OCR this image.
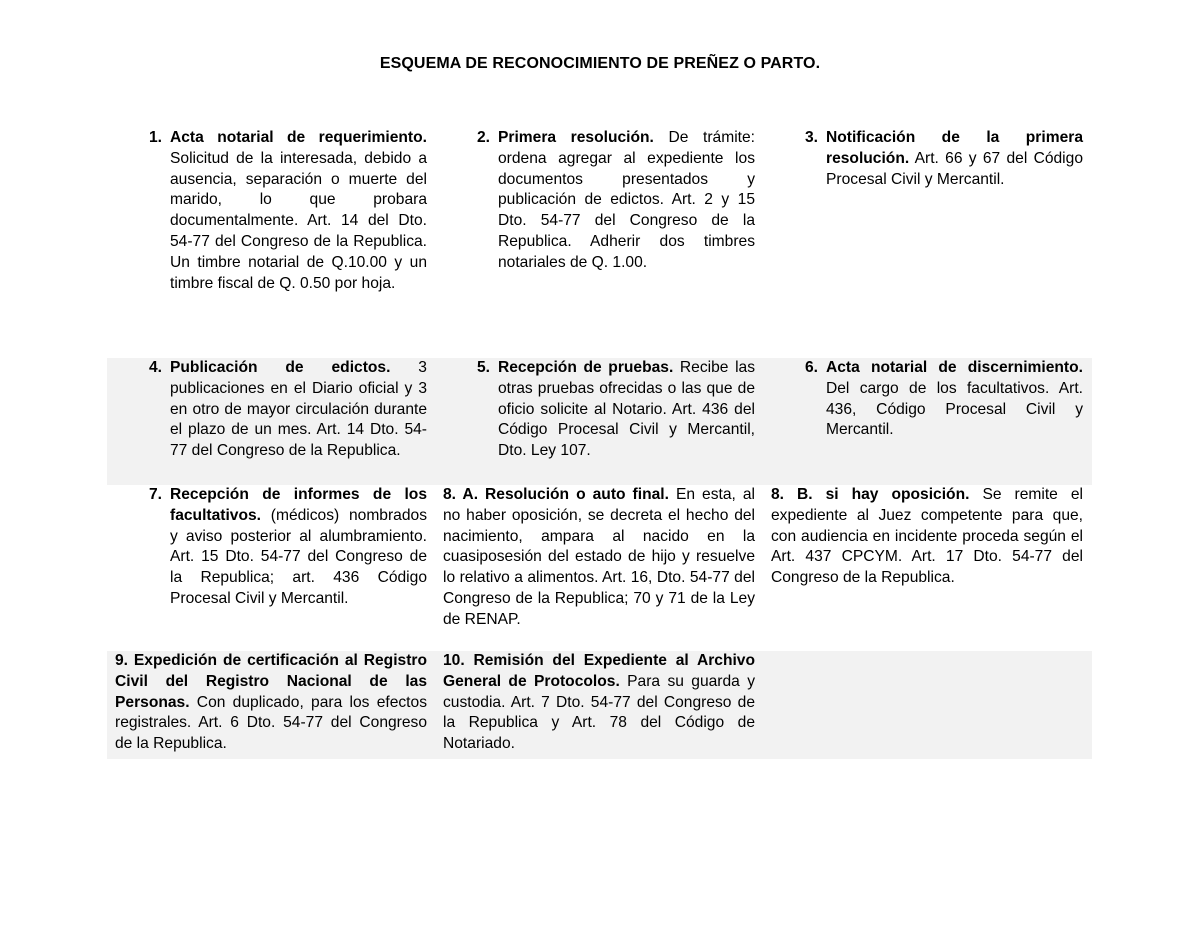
ESQUEMA DE RECONOCIMIENTO DE PREÑEZ O PARTO.
1. Acta notarial de requerimiento. Solicitud de la interesada, debido a ausencia, separación o muerte del marido, lo que probara documentalmente. Art. 14 del Dto. 54-77 del Congreso de la Republica. Un timbre notarial de Q.10.00 y un timbre fiscal de Q. 0.50 por hoja.
2. Primera resolución. De trámite: ordena agregar al expediente los documentos presentados y publicación de edictos. Art. 2 y 15 Dto. 54-77 del Congreso de la Republica. Adherir dos timbres notariales de Q. 1.00.
3. Notificación de la primera resolución. Art. 66 y 67 del Código Procesal Civil y Mercantil.
4. Publicación de edictos. 3 publicaciones en el Diario oficial y 3 en otro de mayor circulación durante el plazo de un mes. Art. 14 Dto. 54-77 del Congreso de la Republica.
5. Recepción de pruebas. Recibe las otras pruebas ofrecidas o las que de oficio solicite al Notario. Art. 436 del Código Procesal Civil y Mercantil, Dto. Ley 107.
6. Acta notarial de discernimiento. Del cargo de los facultativos. Art. 436, Código Procesal Civil y Mercantil.
7. Recepción de informes de los facultativos. (médicos) nombrados y aviso posterior al alumbramiento. Art. 15 Dto. 54-77 del Congreso de la Republica; art. 436 Código Procesal Civil y Mercantil.
8. A. Resolución o auto final. En esta, al no haber oposición, se decreta el hecho del nacimiento, ampara al nacido en la cuasiposesión del estado de hijo y resuelve lo relativo a alimentos. Art. 16, Dto. 54-77 del Congreso de la Republica; 70 y 71 de la Ley de RENAP.
8. B. si hay oposición. Se remite el expediente al Juez competente para que, con audiencia en incidente proceda según el Art. 437 CPCYM. Art. 17 Dto. 54-77 del Congreso de la Republica.
9. Expedición de certificación al Registro Civil del Registro Nacional de las Personas. Con duplicado, para los efectos registrales. Art. 6 Dto. 54-77 del Congreso de la Republica.
10. Remisión del Expediente al Archivo General de Protocolos. Para su guarda y custodia. Art. 7 Dto. 54-77 del Congreso de la Republica y Art. 78 del Código de Notariado.
